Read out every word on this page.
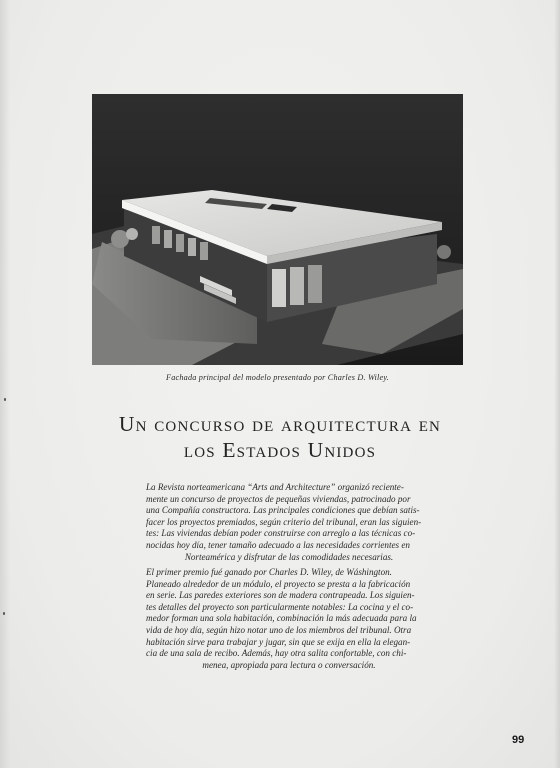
Fachada principal del modelo presentado por Charles D. Wiley.
Un concurso de arquitectura en
los Estados Unidos
La Revista norteamericana “Arts and Architecture” organizó reciente-
mente un concurso de proyectos de pequeñas viviendas, patrocinado por
una Compañía constructora. Las principales condiciones que debían satis-
facer los proyectos premiados, según criterio del tribunal, eran las siguien-
tes: Las viviendas debían poder construirse con arreglo a las técnicas co-
nocidas hoy día, tener tamaño adecuado a las necesidades corrientes en
Norteamérica y disfrutar de las comodidades necesarias.
El primer premio fué ganado por Charles D. Wiley, de Wáshington.
Planeado alrededor de un módulo, el proyecto se presta a la fabricación
en serie. Las paredes exteriores son de madera contrapeada. Los siguien-
tes detalles del proyecto son particularmente notables: La cocina y el co-
medor forman una sola habitación, combinación la más adecuada para la
vida de hoy día, según hizo notar uno de los miembros del tribunal. Otra
habitación sirve para trabajar y jugar, sin que se exija en ella la elegan-
cia de una sala de recibo. Además, hay otra salita confortable, con chi-
menea, apropiada para lectura o conversación.
99
